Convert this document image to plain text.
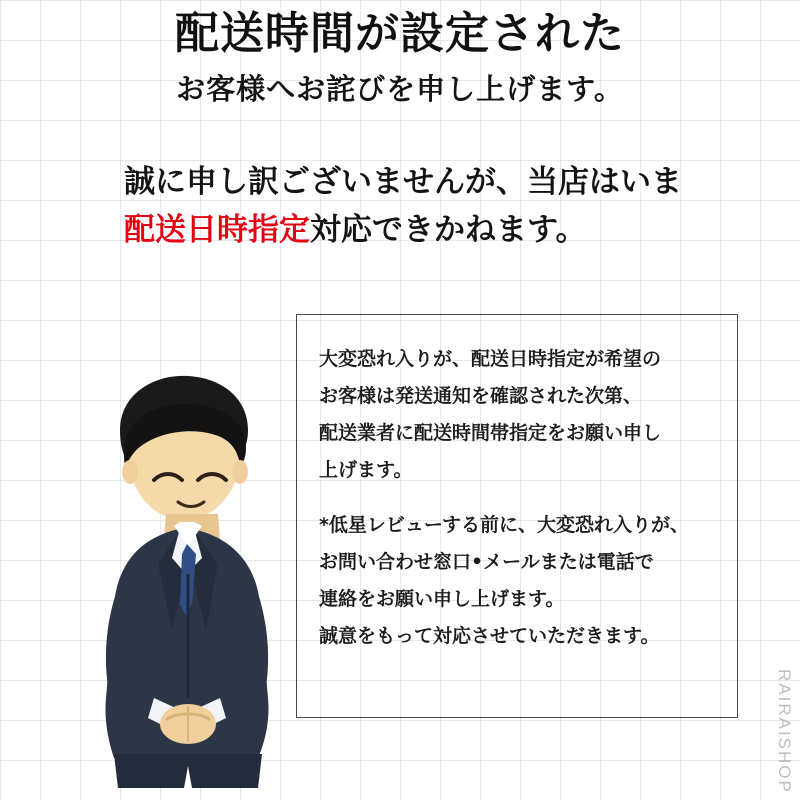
配送時間が設定された
お客様へお詫びを申し上げます。
誠に申し訳ございませんが、当店はいま
配送日時指定対応できかねます。
大変恐れ入りが、配送日時指定が希望の
お客様は発送通知を確認された次第、
配送業者に配送時間帯指定をお願い申し
上げます。
*低星レビューする前に、大変恐れ入りが、
お問い合わせ窓口•メールまたは電話で
連絡をお願い申し上げます。
誠意をもって対応させていただきます。
RAIRAISHOP
